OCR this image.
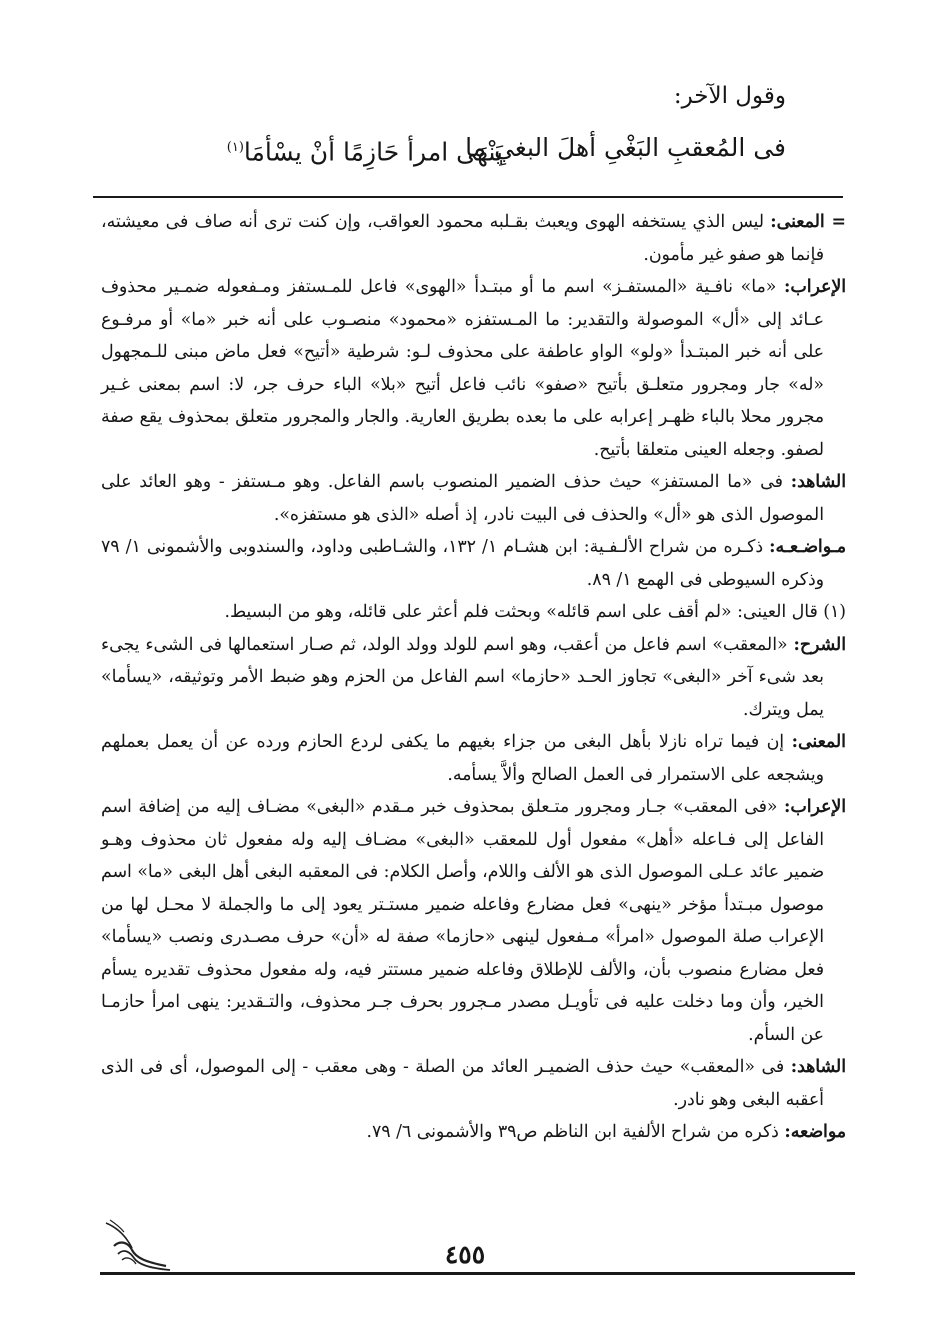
وقول الآخر:
فى المُعقبِ البَغْىِ أهلَ البغيِ ما
يَنْهَى امرأ حَازِمًا أنْ يسْأمَا$^{(١)}$

= المعنى: ليس الذي يستخفه الهوى ويعبث بقـلبه محمود العواقب، وإن كنت ترى أنه صاف فى معيشته، فإنما هو صفو غير مأمون.

الإعراب: «ما» نافـية «المستفـز» اسم ما أو مبتـدأ «الهوى» فاعل للمـستفز ومـفعوله ضمـير محذوف عـائد إلى «أل» الموصولة والتقدير: ما المـستفزه «محمود» منصـوب على أنه خبر «ما» أو مرفـوع على أنه خبر المبتـدأ «ولو» الواو عاطفة على محذوف لـو: شرطية «أتيح» فعل ماض مبنى للـمجهول «له» جار ومجرور متعلـق بأتيح «صفو» نائب فاعل أتيح «بلا» الباء حرف جر، لا: اسم بمعنى غـير مجرور محلا بالباء ظهـر إعرابه على ما بعده بطريق العارية. والجار والمجرور متعلق بمحذوف يقع صفة لصفو. وجعله العينى متعلقا بأتيح.

الشاهد: فى «ما المستفز» حيث حذف الضمير المنصوب باسم الفاعل. وهو مـستفز - وهو العائد على الموصول الذى هو «أل» والحذف فى البيت نادر، إذ أصله «الذى هو مستفزه».

مـواضـعـه: ذكـره من شراح الألـفـية: ابن هشـام ١/ ١٣٢، والشـاطبى وداود، والسندوبى والأشمونى ١/ ٧٩ وذكره السيوطى فى الهمع ١/ ٨٩.

(١) قال العينى: «لم أقف على اسم قائله» وبحثت فلم أعثر على قائله، وهو من البسيط.

الشرح: «المعقب» اسم فاعل من أعقب، وهو اسم للولد وولد الولد، ثم صـار استعمالها فى الشىء يجىء بعد شىء آخر «البغى» تجاوز الحـد «حازما» اسم الفاعل من الحزم وهو ضبط الأمر وتوثيقه، «يسأما» يمل ويترك.

المعنى: إن فيما تراه نازلا بأهل البغى من جزاء بغيهم ما يكفى لردع الحازم ورده عن أن يعمل بعملهم ويشجعه على الاستمرار فى العمل الصالح وألاَّ يسأمه.

الإعراب: «فى المعقب» جـار ومجرور متـعلق بمحذوف خبر مـقدم «البغى» مضـاف إليه من إضافة اسم الفاعل إلى فـاعله «أهل» مفعول أول للمعقب «البغى» مضـاف إليه وله مفعول ثان محذوف وهـو ضمير عائد عـلى الموصول الذى هو الألف واللام، وأصل الكلام: فى المعقبه البغى أهل البغى «ما» اسم موصول مبـتدأ مؤخر «ينهى» فعل مضارع وفاعله ضمير مستـتر يعود إلى ما والجملة لا محـل لها من الإعراب صلة الموصول «امرأ» مـفعول لينهى «حازما» صفة له «أن» حرف مصـدرى ونصب «يسأما» فعل مضارع منصوب بأن، والألف للإطلاق وفاعله ضمير مستتر فيه، وله مفعول محذوف تقديره يسأم الخير، وأن وما دخلت عليه فى تأويـل مصدر مـجرور بحرف جـر محذوف، والتـقدير: ينهى امرأ حازمـا عن السأم.

الشاهد: فى «المعقب» حيث حذف الضميـر العائد من الصلة - وهى معقب - إلى الموصول، أى فى الذى أعقبه البغى وهو نادر.

مواضعه: ذكره من شراح الألفية ابن الناظم ص٣٩ والأشمونى ٦/ ٧٩.

٤٥٥
